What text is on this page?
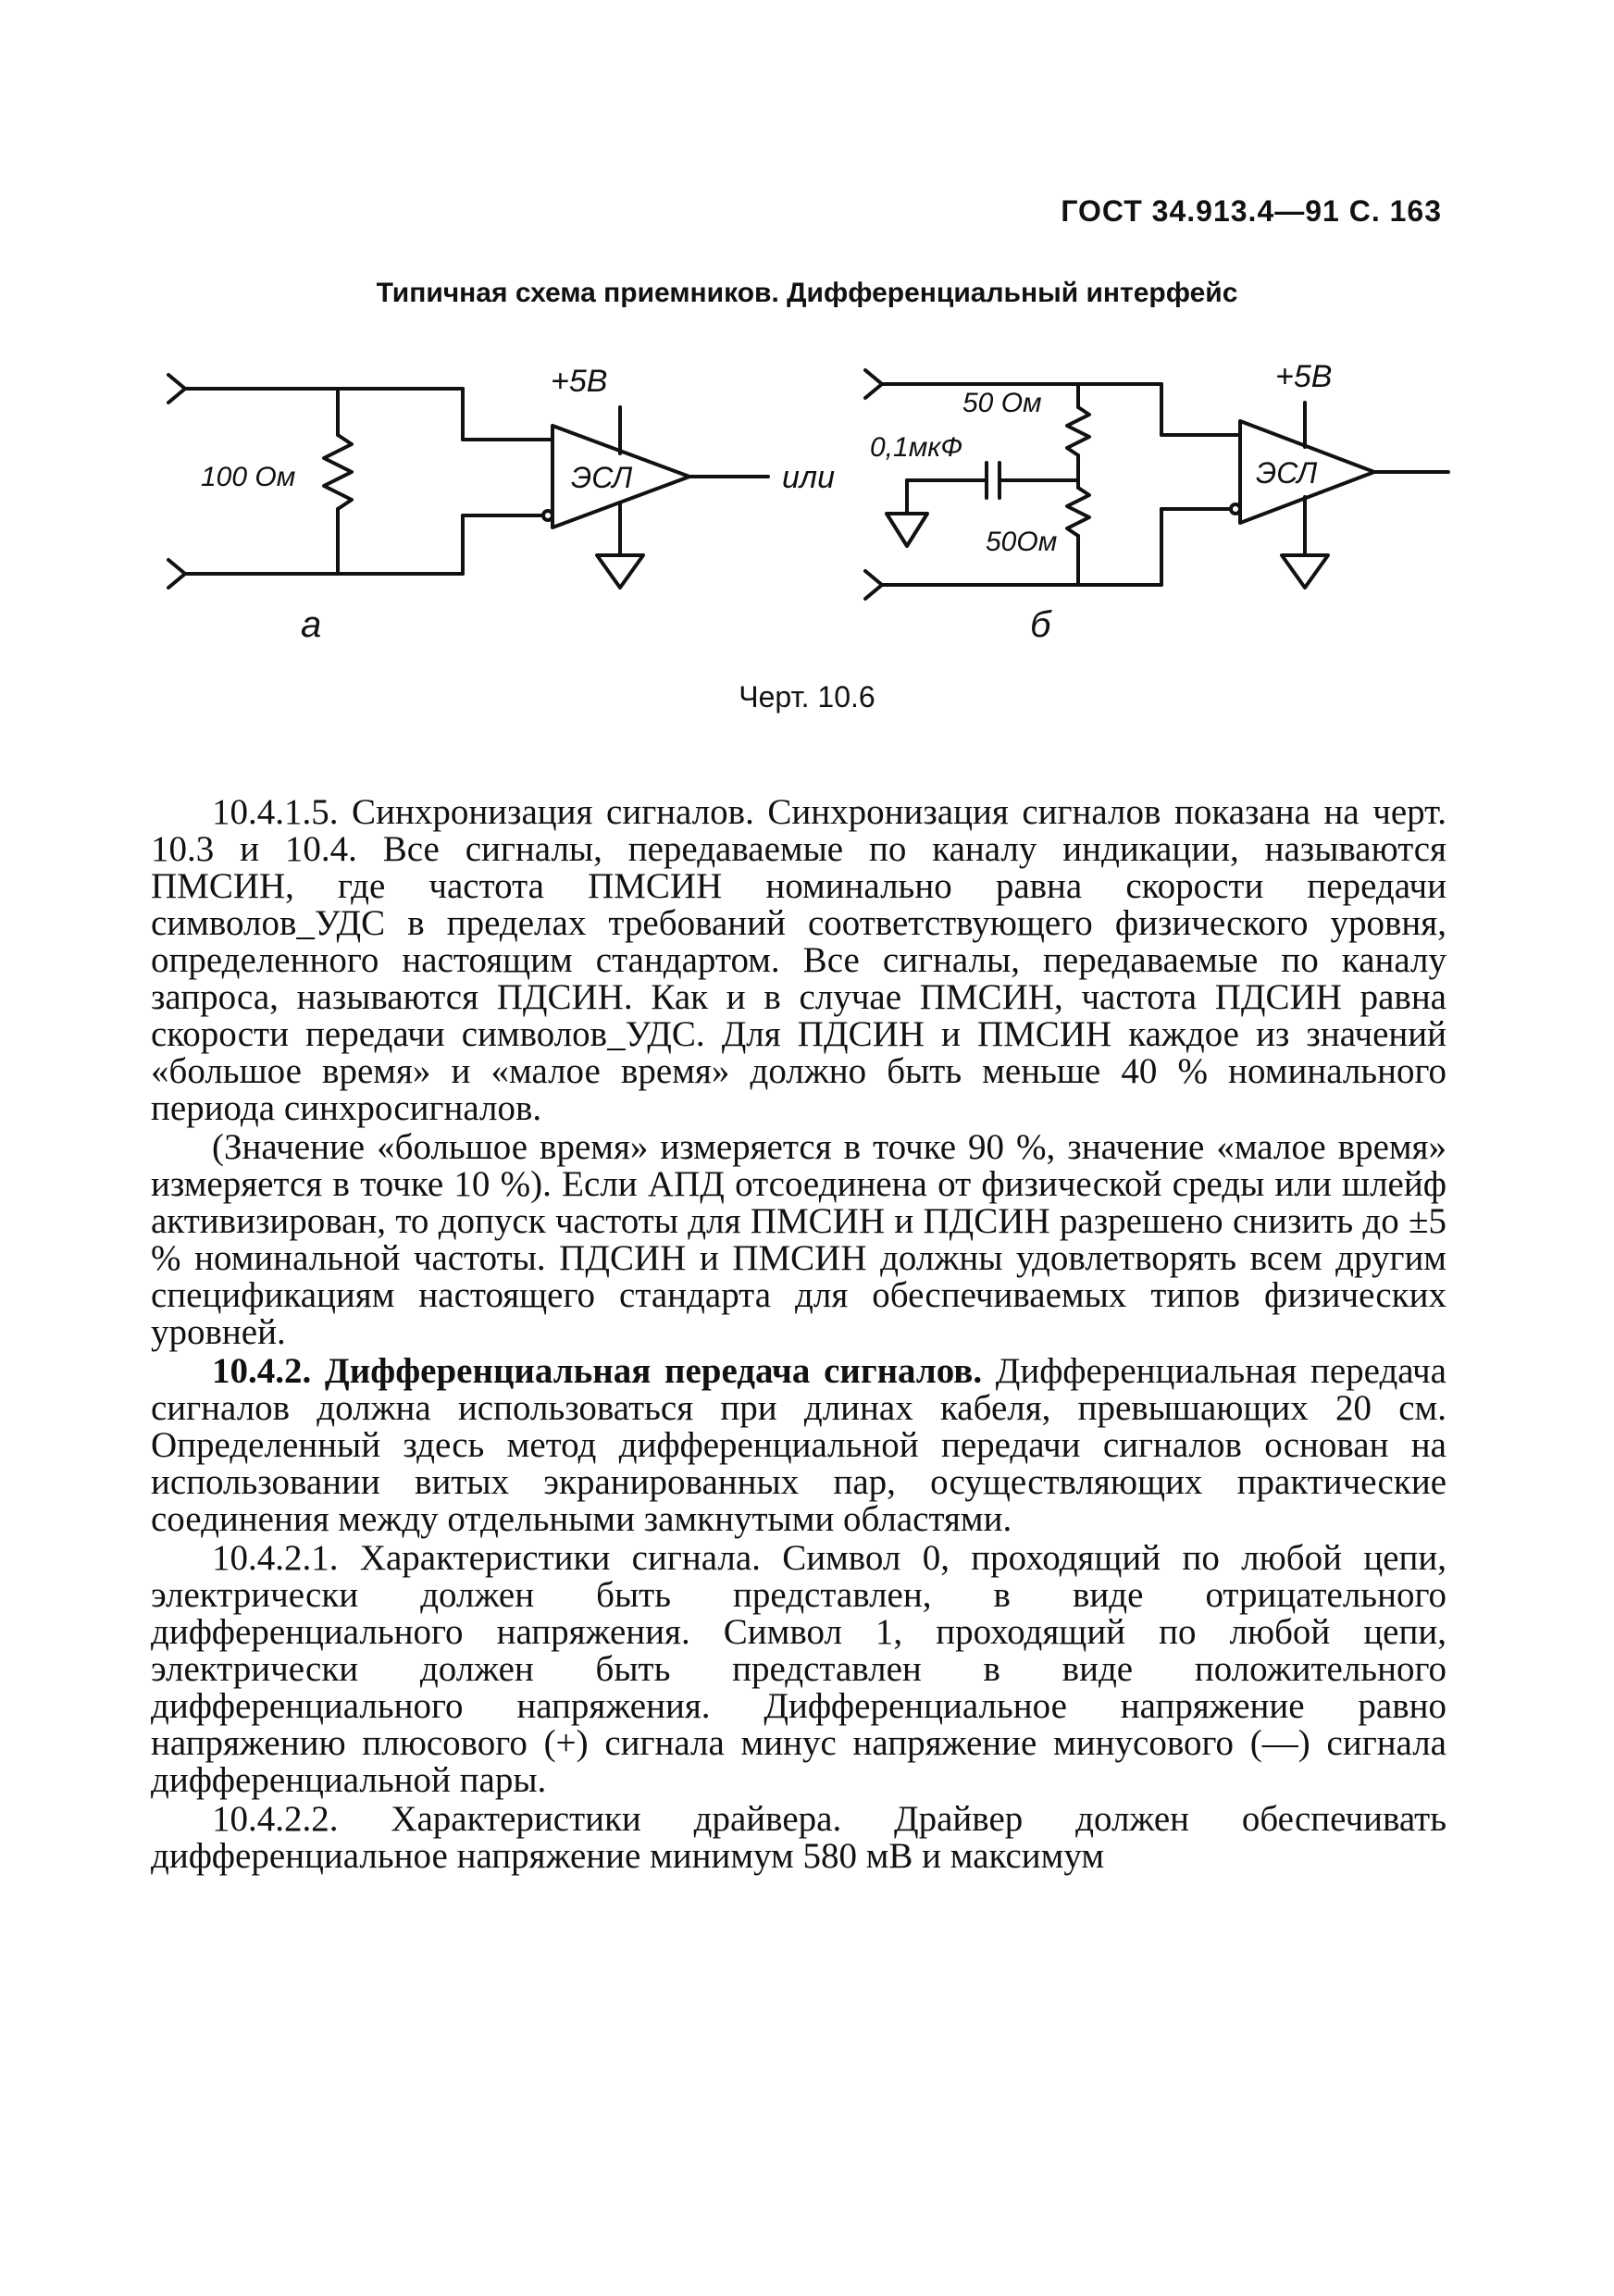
ГОСТ 34.913.4—91 С. 163
Типичная схема приемников. Дифференциальный интерфейс
+5В
100 Ом	ЭСЛ	или
а
+5В
50 Ом
0,1мкФ
50Ом
ЭСЛ
б
Черт. 10.6

10.4.1.5. Синхронизация сигналов. Синхронизация сигналов показана на черт. 10.3 и 10.4. Все сигналы, передаваемые по каналу индикации, называются ПМСИН, где частота ПМСИН номинально равна скорости передачи символов_УДС в пределах требований соответствующего физического уровня, определенного настоящим стандартом. Все сигналы, передаваемые по каналу запроса, называются ПДСИН. Как и в случае ПМСИН, частота ПДСИН равна скорости передачи символов_УДС. Для ПДСИН и ПМСИН каждое из значений «большое время» и «малое время» должно быть меньше 40 % номинального периода синхросигналов.

(Значение «большое время» измеряется в точке 90 %, значение «малое время» измеряется в точке 10 %). Если АПД отсоединена от физической среды или шлейф активизирован, то допуск частоты для ПМСИН и ПДСИН разрешено снизить до ±5 % номинальной частоты. ПДСИН и ПМСИН должны удовлетворять всем другим спецификациям настоящего стандарта для обеспечиваемых типов физических уровней.

10.4.2. Дифференциальная передача сигналов. Дифференциальная передача сигналов должна использоваться при длинах кабеля, превышающих 20 см. Определенный здесь метод дифференциальной передачи сигналов основан на использовании витых экранированных пар, осуществляющих практические соединения между отдельными замкнутыми областями.

10.4.2.1. Характеристики сигнала. Символ 0, проходящий по любой цепи, электрически должен быть представлен, в виде отрицательного дифференциального напряжения. Символ 1, проходящий по любой цепи, электрически должен быть представлен в виде положительного дифференциального напряжения. Дифференциальное напряжение равно напряжению плюсового (+) сигнала минус напряжение минусового (—) сигнала дифференциальной пары.

10.4.2.2. Характеристики драйвера. Драйвер должен обеспечивать дифференциальное напряжение минимум 580 мВ и максимум
